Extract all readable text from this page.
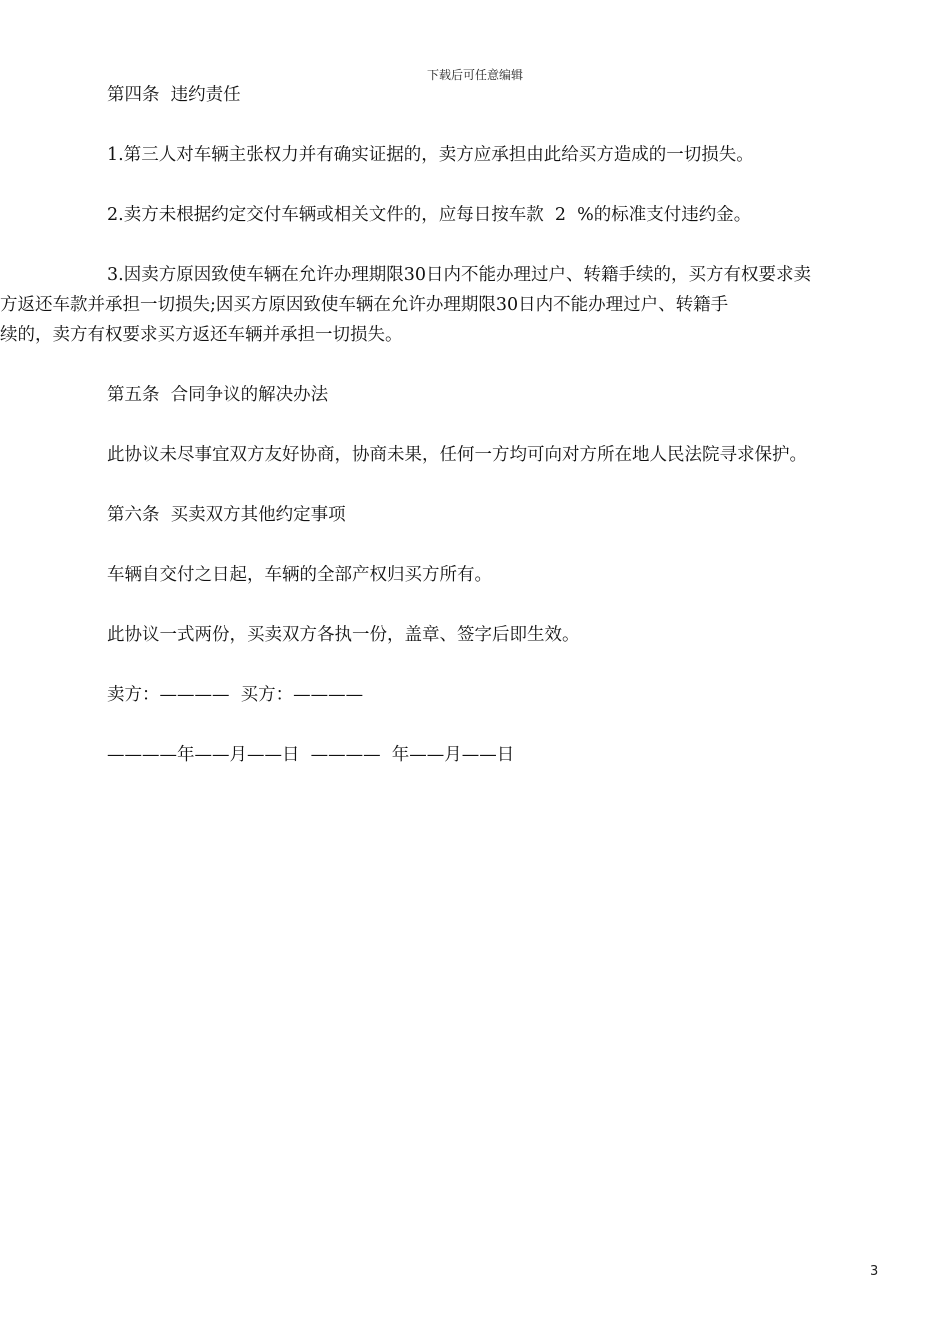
下载后可任意编辑

第四条  违约责任

1.第三人对车辆主张权力并有确实证据的，卖方应承担由此给买方造成的一切损失。

2.卖方未根据约定交付车辆或相关文件的，应每日按车款  2  %的标准支付违约金。

3.因卖方原因致使车辆在允许办理期限30日内不能办理过户、转籍手续的，买方有权要求卖
方返还车款并承担一切损失;因买方原因致使车辆在允许办理期限30日内不能办理过户、转籍手
续的，卖方有权要求买方返还车辆并承担一切损失。

第五条  合同争议的解决办法

此协议未尽事宜双方友好协商，协商未果，任何一方均可向对方所在地人民法院寻求保护。

第六条  买卖双方其他约定事项

车辆自交付之日起，车辆的全部产权归买方所有。

此协议一式两份，买卖双方各执一份，盖章、签字后即生效。

卖方：————  买方：————

————年——月——日  ————  年——月——日

3
